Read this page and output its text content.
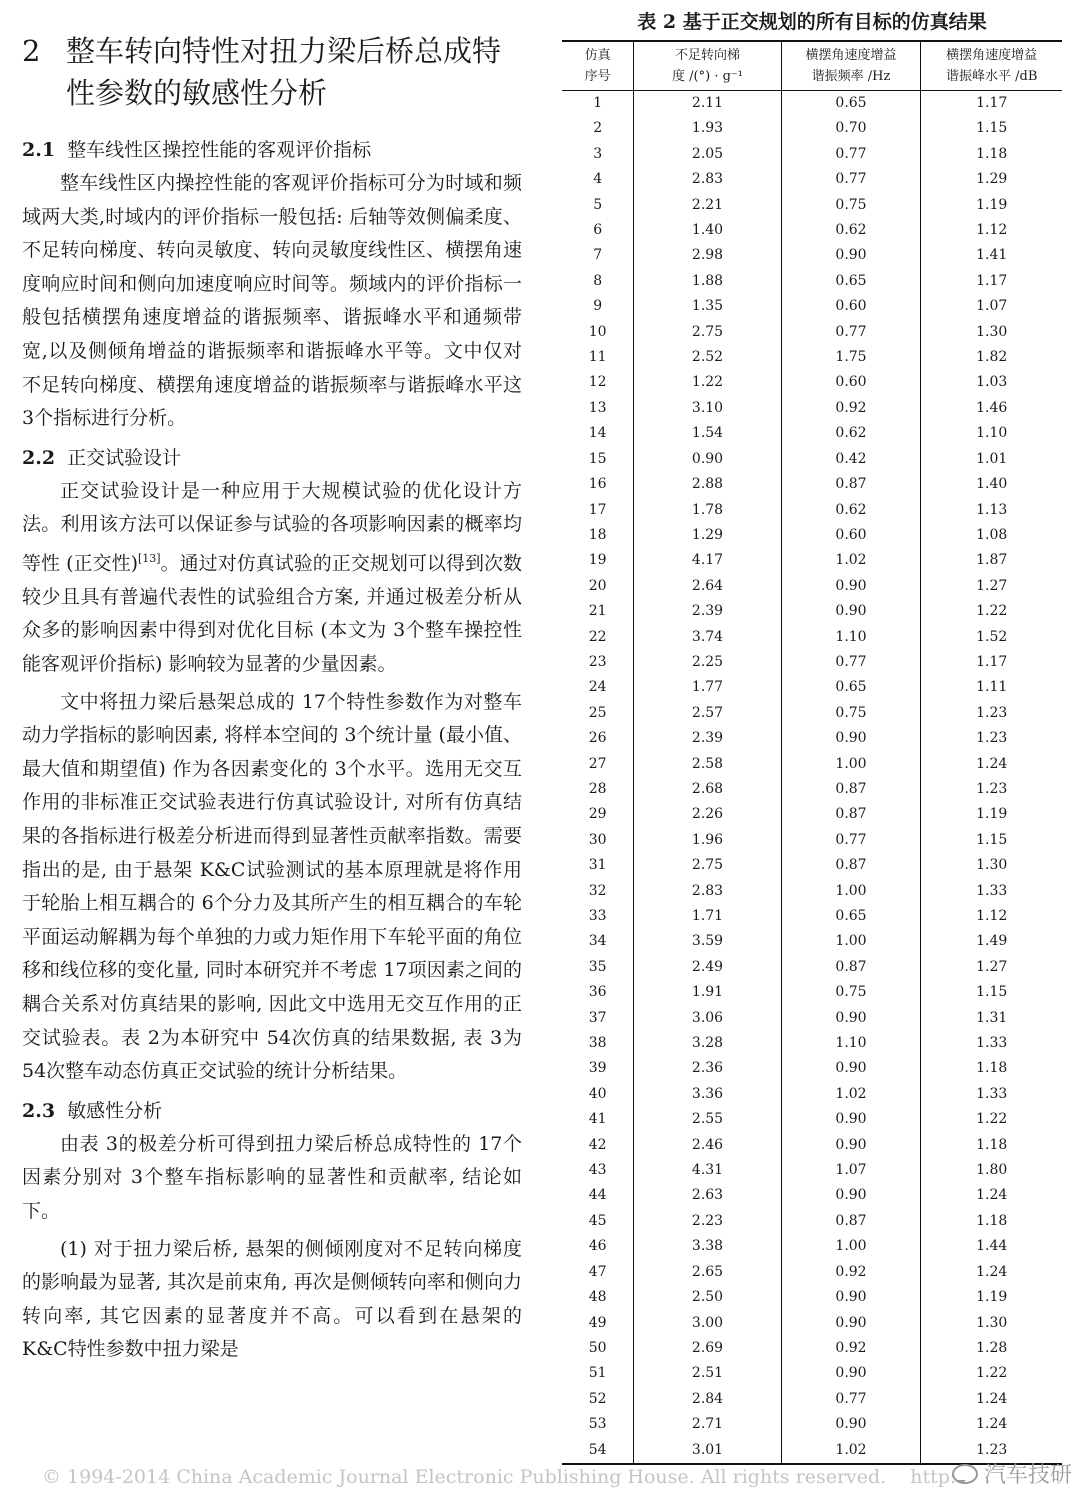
2 整车转向特性对扭力梁后桥总成特性参数的敏感性分析
2.1 整车线性区操控性能的客观评价指标

整车线性区内操控性能的客观评价指标可分为时域和频域两大类,时域内的评价指标一般包括: 后轴等效侧偏柔度、不足转向梯度、转向灵敏度、转向灵敏度线性区、横摆角速度响应时间和侧向加速度响应时间等。频域内的评价指标一般包括横摆角速度增益的谐振频率、谐振峰水平和通频带宽,以及侧倾角增益的谐振频率和谐振峰水平等。文中仅对不足转向梯度、横摆角速度增益的谐振频率与谐振峰水平这 3个指标进行分析。

2.2 正交试验设计

正交试验设计是一种应用于大规模试验的优化设计方法。利用该方法可以保证参与试验的各项影响因素的概率均等性 (正交性)[13]。通过对仿真试验的正交规划可以得到次数较少且具有普遍代表性的试验组合方案, 并通过极差分析从众多的影响因素中得到对优化目标 (本文为 3个整车操控性能客观评价指标) 影响较为显著的少量因素。

文中将扭力梁后悬架总成的 17个特性参数作为对整车动力学指标的影响因素, 将样本空间的 3个统计量 (最小值、最大值和期望值) 作为各因素变化的 3个水平。选用无交互作用的非标准正交试验表进行仿真试验设计, 对所有仿真结果的各指标进行极差分析进而得到显著性贡献率指数。需要指出的是, 由于悬架 K&C试验测试的基本原理就是将作用于轮胎上相互耦合的 6个分力及其所产生的相互耦合的车轮平面运动解耦为每个单独的力或力矩作用下车轮平面的角位移和线位移的变化量, 同时本研究并不考虑 17项因素之间的耦合关系对仿真结果的影响, 因此文中选用无交互作用的正交试验表。表 2为本研究中 54次仿真的结果数据, 表 3为 54次整车动态仿真正交试验的统计分析结果。

2.3 敏感性分析

由表 3的极差分析可得到扭力梁后桥总成特性的 17个因素分别对 3个整车指标影响的显著性和贡献率, 结论如下。

(1) 对于扭力梁后桥, 悬架的侧倾刚度对不足转向梯度的影响最为显著, 其次是前束角, 再次是侧倾转向率和侧向力转向率, 其它因素的显著度并不高。可以看到在悬架的 K&C特性参数中扭力梁是

表 2 基于正交规划的所有目标的仿真结果
仿真
序号	不足转向梯
度 /(°) · g⁻¹	横摆角速度增益
谐振频率 /Hz	横摆角速度增益
谐振峰水平 /dB
1	2.11	0.65	1.17
2	1.93	0.70	1.15
3	2.05	0.77	1.18
4	2.83	0.77	1.29
5	2.21	0.75	1.19
6	1.40	0.62	1.12
7	2.98	0.90	1.41
8	1.88	0.65	1.17
9	1.35	0.60	1.07
10	2.75	0.77	1.30
11	2.52	1.75	1.82
12	1.22	0.60	1.03
13	3.10	0.92	1.46
14	1.54	0.62	1.10
15	0.90	0.42	1.01
16	2.88	0.87	1.40
17	1.78	0.62	1.13
18	1.29	0.60	1.08
19	4.17	1.02	1.87
20	2.64	0.90	1.27
21	2.39	0.90	1.22
22	3.74	1.10	1.52
23	2.25	0.77	1.17
24	1.77	0.65	1.11
25	2.57	0.75	1.23
26	2.39	0.90	1.23
27	2.58	1.00	1.24
28	2.68	0.87	1.23
29	2.26	0.87	1.19
30	1.96	0.77	1.15
31	2.75	0.87	1.30
32	2.83	1.00	1.33
33	1.71	0.65	1.12
34	3.59	1.00	1.49
35	2.49	0.87	1.27
36	1.91	0.75	1.15
37	3.06	0.90	1.31
38	3.28	1.10	1.33
39	2.36	0.90	1.18
40	3.36	1.02	1.33
41	2.55	0.90	1.22
42	2.46	0.90	1.18
43	4.31	1.07	1.80
44	2.63	0.90	1.24
45	2.23	0.87	1.18
46	3.38	1.00	1.44
47	2.65	0.92	1.24
48	2.50	0.90	1.19
49	3.00	0.90	1.30
50	2.69	0.92	1.28
51	2.51	0.90	1.22
52	2.84	0.77	1.24
53	2.71	0.90	1.24
54	3.01	1.02	1.23
© 1994-2014 China Academic Journal Electronic Publishing House. All rights reserved. http:	汽车技研
